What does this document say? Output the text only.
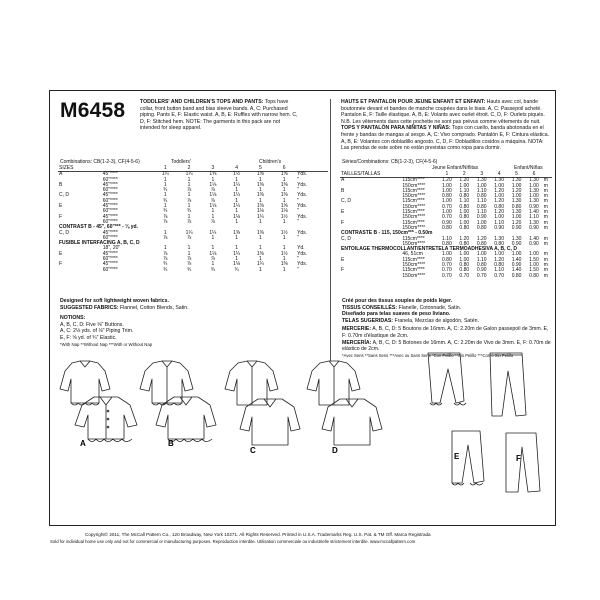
M6458	TODDLERS' AND CHILDREN'S TOPS AND PANTS: Tops have collar, front button band and bias sleeve bands. A, C: Purchased piping. Pants E, F: Elastic waist. A, B, E: Ruffles with narrow hem. C, D, F: Stitched hem. NOTE: The garments in this pack are not intended for sleep apparel.
HAUTS ET PANTALON POUR JEUNE ENFANT ET ENFANT: Hauts avec col, bande boutonnée devant et bandes de manche coupées dans le biais. A, C: Passepoil acheté. Pantalon E, F: Taille élastique. A, B, E: Volants avec ourlet étroit. C, D, F: Ourlets piqués. N.B. Les vêtements dans cette pochette ne sont pas prévus comme vêtements de nuit.
TOPS Y PANTALÓN PARA NIÑITAS Y NIÑAS: Tops con cuello, banda abotonada en el frente y bandas de mangas al sesgo. A, C: Vivo comprado. Pantalón E, F: Cintura elástica. A, B, E: Volantes con dobladillo angosto. C, D, F: Dobladillos cosidos a máquina. NOTA: Las prendas de este sobre no están previstas como ropa para dormir.
Combinations: CB(1-2-3), CF(4-5-6)	Toddlers'	Children's
SIZES		1	2	3	4	5	6	
A	45"****	1¼	1¼	1⅜	1½	1⅝	1⅝	Yds.
	60"****	1	1	1	1	1	1	"
B	45"****	1	1	1⅛	1¼	1⅜	1⅜	Yds.
	60"****	¾	⅞	⅞	1	1	1	"
C, D	45"****	1	1	1⅛	1¼	1⅜	1⅜	Yds.
	60"****	¾	⅞	⅞	1	1	1	"
E	45"****	1	1	1⅛	1¼	1⅜	1⅝	Yds.
	60"****	¾	¾	1	1	1⅛	1⅛	"
F	45"****	⅞	1	1	1⅛	1¼	1½	Yds.
	60"****	⅞	⅞	⅞	1	1	1	"
CONTRAST B - 45", 60"*** - ⅛ yd.								
C, D	45"****	1	1¼	1¼	1⅜	1⅜	1½	Yds.
	60"****	⅞	⅞	1	1	1	1	"
FUSIBLE INTERFACING A, B, C, D								
	18", 20"	1	1	1	1	1	1	Yd.
E	45"****	⅞	1	1⅛	1¼	1⅜	1½	Yds.
	60"****	⅞	⅞	⅞	1	1	1	"
F	45"****	¾	⅞	1	1⅛	1¼	1⅜	Yds.
	60"****	¾	¾	¾	¾	1	1	"
Séries/Combinations: CB(1-2-3), CF(4-5-6)
Jeune Enfant/Niñitas	Enfant/Niñas
TAILLES/TALLAS		1	2	3	4	5	6	
A	115cm****	1.20	1.20	1.30	1.30	1.30	1.30	m
	150cm****	1.00	1.00	1.00	1.00	1.00	1.00	m
B	115cm****	1.00	1.10	1.10	1.20	1.20	1.30	m
	150cm****	0.80	0.80	0.80	1.00	1.00	1.00	m
C, D	115cm****	1.00	1.10	1.10	1.20	1.30	1.30	m
	150cm****	0.70	0.80	0.80	0.80	0.80	0.90	m
E	115cm****	1.00	1.00	1.10	1.20	1.30	1.40	m
	150cm****	0.70	0.80	0.90	1.00	1.00	1.10	m
F	115cm****	0.90	1.00	1.00	1.10	1.20	1.30	m
	150cm****	0.80	0.80	0.80	0.90	0.90	0.90	m
CONTRASTE B - 115, 150cm*** - 0.50m								
C, D	115cm****	1.10	1.20	1.20	1.30	1.30	1.40	m
	150cm****	0.80	0.80	0.80	0.80	0.90	0.90	m
ENTOILAGE THERMOCOLLANT/ENTRETELA TERMOADHESIVA A, B, C, D								
	46, 51cm	1.00	1.00	1.00	1.00	1.00	1.00	m
E	115cm****	0.80	1.00	1.10	1.20	1.40	1.50	m
	150cm****	0.70	0.80	0.80	0.80	0.90	1.00	m
F	115cm****	0.70	0.80	0.90	1.10	1.40	1.50	m
	150cm****	0.70	0.70	0.70	0.70	0.80	0.80	m
Designed for soft lightweight woven fabrics.
SUGGESTED FABRICS: Flannel, Cotton Blends, Satin.
NOTIONS:
A, B, C, D: Five ⅝" Buttons.
A, C: 2⅛ yds. of ⅛" Piping Trim.
E, F: ⅝ yd. of ¾" Elastic.
*With Nap **Without Nap ***With or Without Nap
Créé pour des tissus souples de poids léger.
TISSUS CONSEILLÉS: Flanelle, Cotonnade, Satin.
Diseñado para telas suaves de peso liviano.
TELAS SUGERIDAS: Franela, Mezclas de algodón, Satén.
MERCERIE: A, B, C, D: 5 Boutons de 16mm. A, C: 2.20m de Galon passepoil de 3mm. E, F: 0.70m d'élastique de 2cm.
MERCERÍA: A, B, C, D: 5 Botones de 16mm. A, C: 2.20m de Vivo de 3mm. E, F: 0.70m de elástico de 2cm.
*Avec Sens **Sans Sens ***Avec ou Sans Sens *Con Pelillo **Sin Pelillo ***Con o Sin Pelillo
A	B
C	D
E	F
Copyright© 2011, The McCall Pattern Co., 120 Broadway, New York 10271. All Rights Reserved. Printed in U.S.A. Trademarks Reg. U.S. Pat. & TM Off. Marca Registrada
Sold for individual home use only and not for commercial or manufacturing purposes. Reproduction interdite. Utilisation commerciale ou industrielle strictement interdite. www.mccallpattern.com
